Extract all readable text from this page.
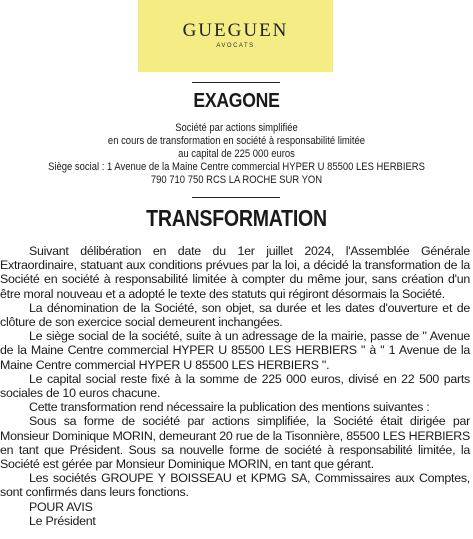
GUEGUEN
AVOCATS
EXAGONE
Société par actions simplifiée
en cours de transformation en société à responsabilité limitée
au capital de 225 000 euros
Siège social : 1 Avenue de la Maine Centre commercial HYPER U 85500 LES HERBIERS
790 710 750 RCS LA ROCHE SUR YON
TRANSFORMATION

Suivant délibération en date du 1er juillet 2024, l'Assemblée Générale Extraordinaire, statuant aux conditions prévues par la loi, a décidé la transformation de la Société en société à responsabilité limitée à compter du même jour, sans création d'un être moral nouveau et a adopté le texte des statuts qui régiront désormais la Société.

La dénomination de la Société, son objet, sa durée et les dates d'ouverture et de clôture de son exercice social demeurent inchangées.

Le siège social de la société, suite à un adressage de la mairie, passe de " Avenue de la Maine Centre commercial HYPER U 85500 LES HERBIERS " à " 1 Avenue de la Maine Centre commercial HYPER U 85500 LES HERBIERS ".

Le capital social reste fixé à la somme de 225 000 euros, divisé en 22 500 parts sociales de 10 euros chacune.

Cette transformation rend nécessaire la publication des mentions suivantes :

Sous sa forme de société par actions simplifiée, la Société était dirigée par Monsieur Dominique MORIN, demeurant 20 rue de la Tisonnière, 85500 LES HERBIERS en tant que Président. Sous sa nouvelle forme de société à responsabilité limitée, la Société est gérée par Monsieur Dominique MORIN, en tant que gérant.

Les sociétés GROUPE Y BOISSEAU et KPMG SA, Commissaires aux Comptes, sont confirmés dans leurs fonctions.

POUR AVIS

Le Président
